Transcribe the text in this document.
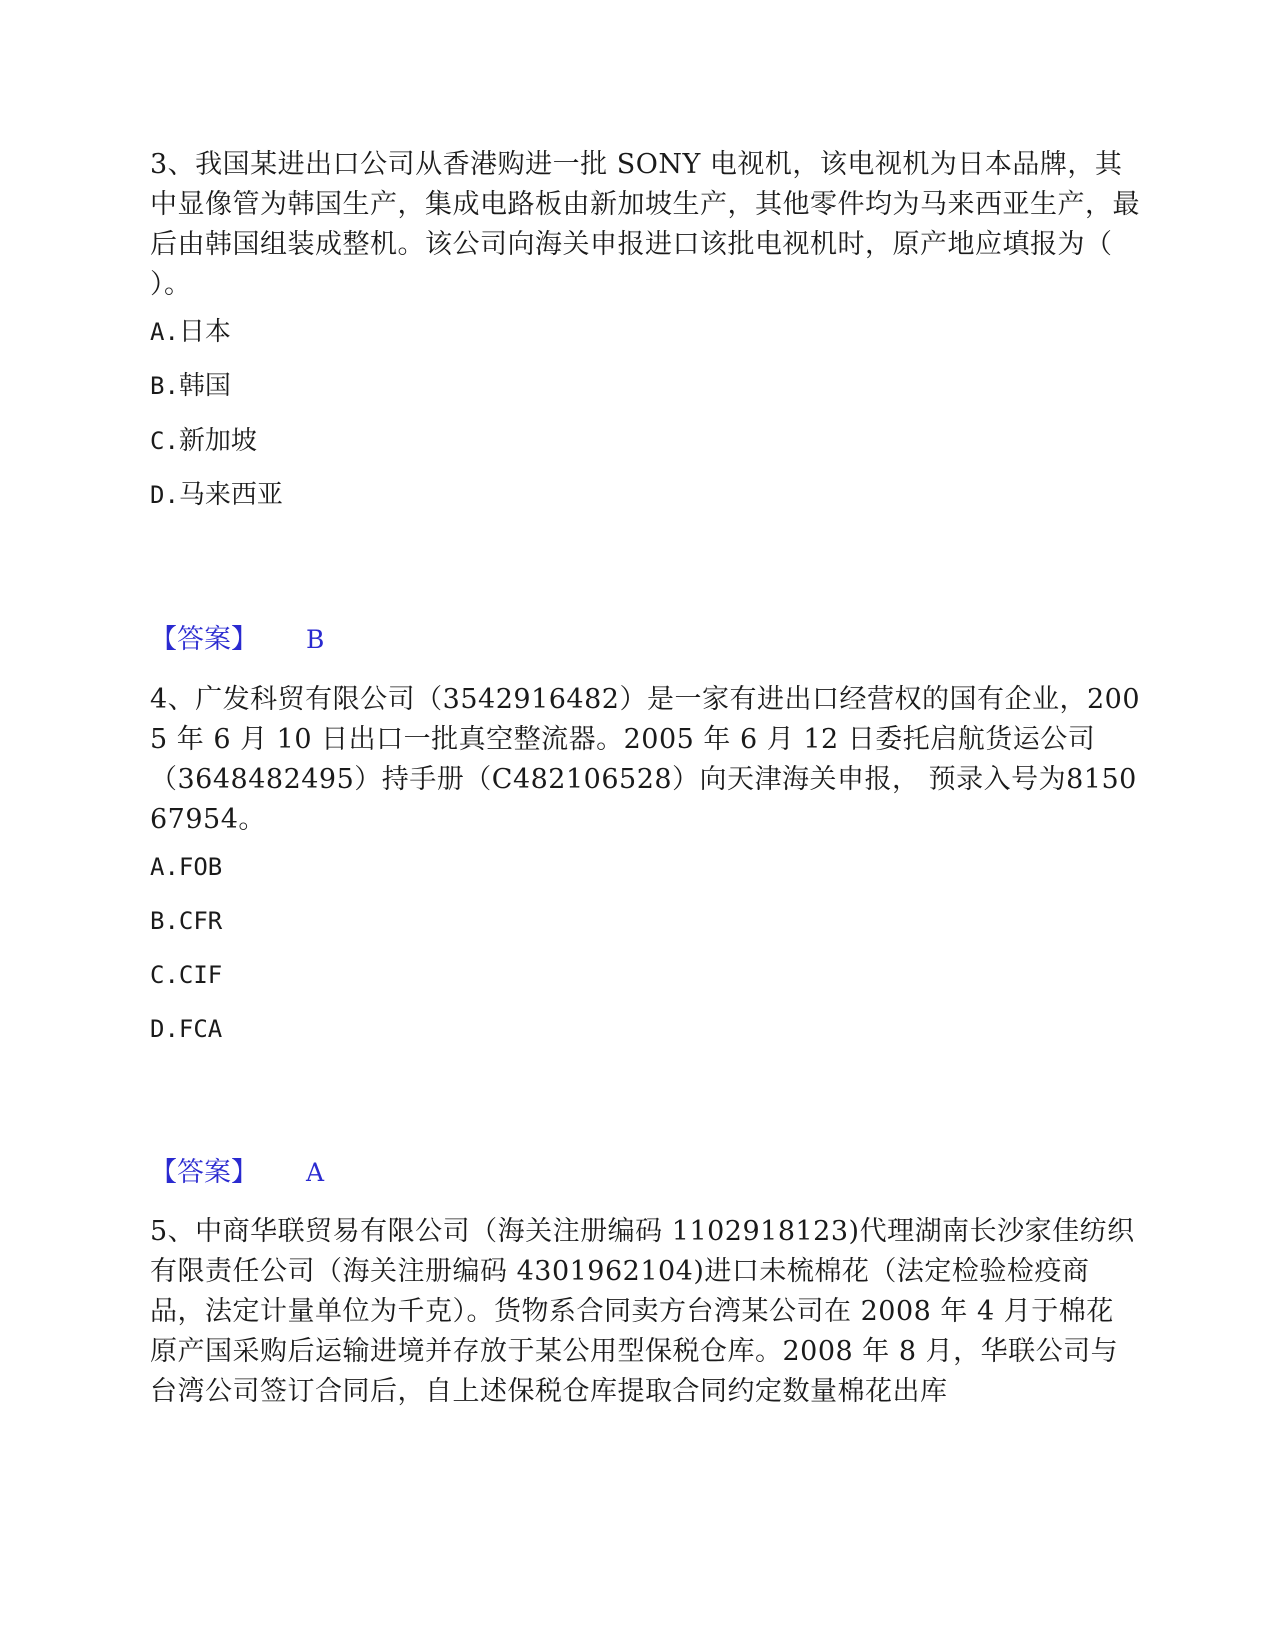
3、我国某进出口公司从香港购进一批 SONY 电视机，该电视机为日本品牌，其中显像管为韩国生产，集成电路板由新加坡生产，其他零件均为马来西亚生产，最后由韩国组装成整机。该公司向海关申报进口该批电视机时，原产地应填报为（ ）。

A.日本

B.韩国

C.新加坡

D.马来西亚

【答案】 B

4、广发科贸有限公司（3542916482）是一家有进出口经营权的国有企业，2005 年 6 月 10 日出口一批真空整流器。2005 年 6 月 12 日委托启航货运公司（3648482495）持手册（C482106528）向天津海关申报， 预录入号为815067954。

A.FOB

B.CFR

C.CIF

D.FCA

【答案】 A

5、中商华联贸易有限公司（海关注册编码 1102918123)代理湖南长沙家佳纺织有限责任公司（海关注册编码 4301962104)进口未梳棉花（法定检验检疫商品，法定计量单位为千克）。货物系合同卖方台湾某公司在 2008 年 4 月于棉花原产国采购后运输进境并存放于某公用型保税仓库。2008 年 8 月，华联公司与台湾公司签订合同后，自上述保税仓库提取合同约定数量棉花出库
